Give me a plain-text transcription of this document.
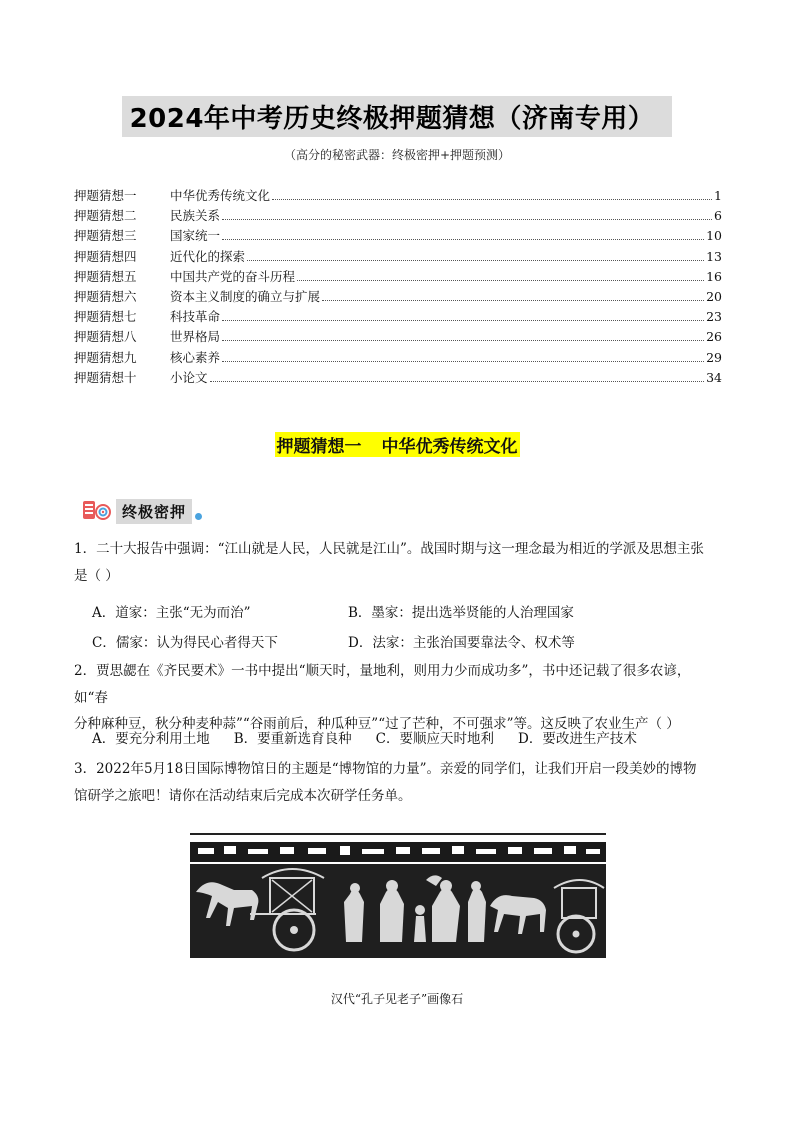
2024年中考历史终极押题猜想（济南专用）
（高分的秘密武器：终极密押+押题预测）
押题猜想一	中华优秀传统文化	1
押题猜想二	民族关系	6
押题猜想三	国家统一	10
押题猜想四	近代化的探索	13
押题猜想五	中国共产党的奋斗历程	16
押题猜想六	资本主义制度的确立与扩展	20
押题猜想七	科技革命	23
押题猜想八	世界格局	26
押题猜想九	核心素养	29
押题猜想十	小论文	34
押题猜想一 中华优秀传统文化
终极密押
1．二十大报告中强调：“江山就是人民，人民就是江山”。战国时期与这一理念最为相近的学派及思想主张
是（ ）
A．道家：主张“无为而治”	B．墨家：提出选举贤能的人治理国家
C．儒家：认为得民心者得天下	D．法家：主张治国要靠法令、权术等
2．贾思勰在《齐民要术》一书中提出“顺天时，量地利，则用力少而成功多”，书中还记载了很多农谚，如“春
分种麻种豆，秋分种麦种蒜”“谷雨前后，种瓜种豆”“过了芒种，不可强求”等。这反映了农业生产（ ）
A．要充分利用土地 B．要重新选育良种 C．要顺应天时地利 D．要改进生产技术
3．2022年5月18日国际博物馆日的主题是“博物馆的力量”。亲爱的同学们，让我们开启一段美妙的博物
馆研学之旅吧！请你在活动结束后完成本次研学任务单。
汉代“孔子见老子”画像石
